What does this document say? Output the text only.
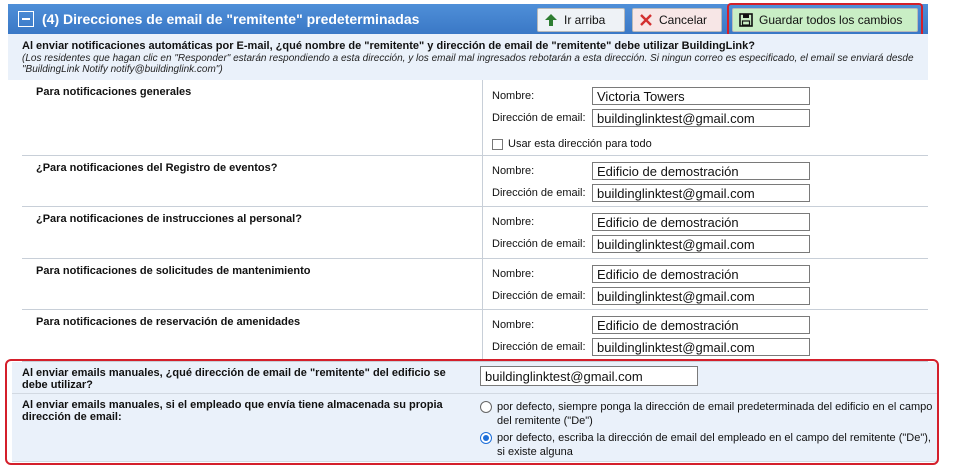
(4) Direcciones de email de "remitente" predeterminadas	Ir arriba	Cancelar	Guardar todos los cambios
Al enviar notificaciones automáticas por E-mail, ¿qué nombre de "remitente" y dirección de email de "remitente" debe utilizar BuildingLink?
(Los residentes que hagan clic en "Responder" estarán respondiendo a esta dirección, y los email mal ingresados rebotarán a esta dirección. Si ningun correo es especificado, el email se enviará desde "BuildingLink Notify notify@buildinglink.com")
Para notificaciones generales	Nombre:	Victoria Towers
Dirección de email: buildinglinktest@gmail.com
Usar esta dirección para todo
¿Para notificaciones del Registro de eventos?	Nombre:	Edificio de demostración
Dirección de email: buildinglinktest@gmail.com
¿Para notificaciones de instrucciones al personal?	Nombre:	Edificio de demostración
Dirección de email: buildinglinktest@gmail.com
Para notificaciones de solicitudes de mantenimiento	Nombre:	Edificio de demostración
Dirección de email: buildinglinktest@gmail.com
Para notificaciones de reservación de amenidades	Nombre:	Edificio de demostración
Dirección de email: buildinglinktest@gmail.com
Al enviar emails manuales, ¿qué dirección de email de "remitente" del edificio se debe utilizar?
buildinglinktest@gmail.com
Al enviar emails manuales, si el empleado que envía tiene almacenada su propia dirección de email:
por defecto, siempre ponga la dirección de email predeterminada del edificio en el campo del remitente ("De")
por defecto, escriba la dirección de email del empleado en el campo del remitente ("De"), si existe alguna
